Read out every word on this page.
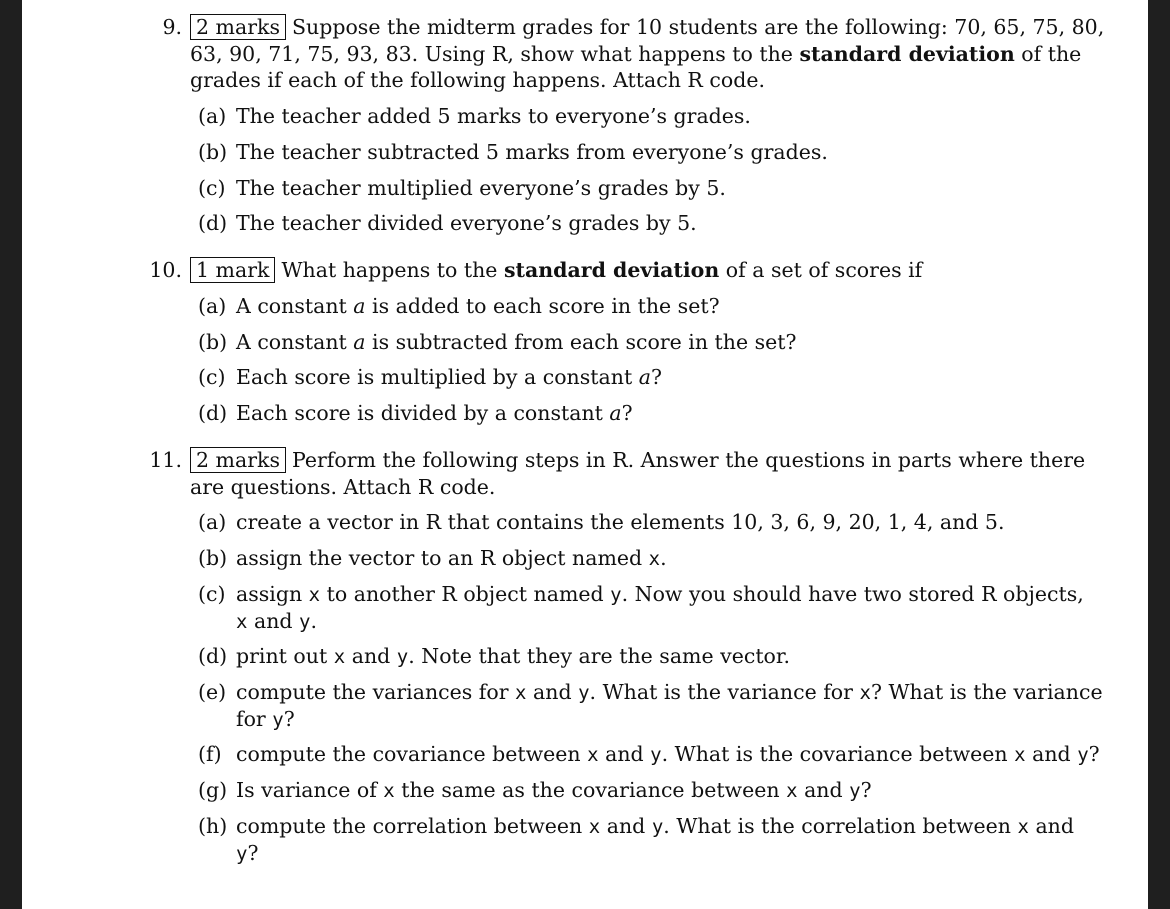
9. 2 marks Suppose the midterm grades for 10 students are the following: 70, 65, 75, 80,
63, 90, 71, 75, 93, 83. Using R, show what happens to the standard deviation of the
grades if each of the following happens. Attach R code.
(a) The teacher added 5 marks to everyone’s grades.
(b) The teacher subtracted 5 marks from everyone’s grades.
(c) The teacher multiplied everyone’s grades by 5.
(d) The teacher divided everyone’s grades by 5.
10. 1 mark What happens to the standard deviation of a set of scores if
(a) A constant a is added to each score in the set?
(b) A constant a is subtracted from each score in the set?
(c) Each score is multiplied by a constant a?
(d) Each score is divided by a constant a?
11. 2 marks Perform the following steps in R. Answer the questions in parts where there
are questions. Attach R code.
(a) create a vector in R that contains the elements 10, 3, 6, 9, 20, 1, 4, and 5.
(b) assign the vector to an R object named x.
(c) assign x to another R object named y. Now you should have two stored R objects,
x and y.
(d) print out x and y. Note that they are the same vector.
(e) compute the variances for x and y. What is the variance for x? What is the variance
for y?
(f) compute the covariance between x and y. What is the covariance between x and y?
(g) Is variance of x the same as the covariance between x and y?
(h) compute the correlation between x and y. What is the correlation between x and
y?
